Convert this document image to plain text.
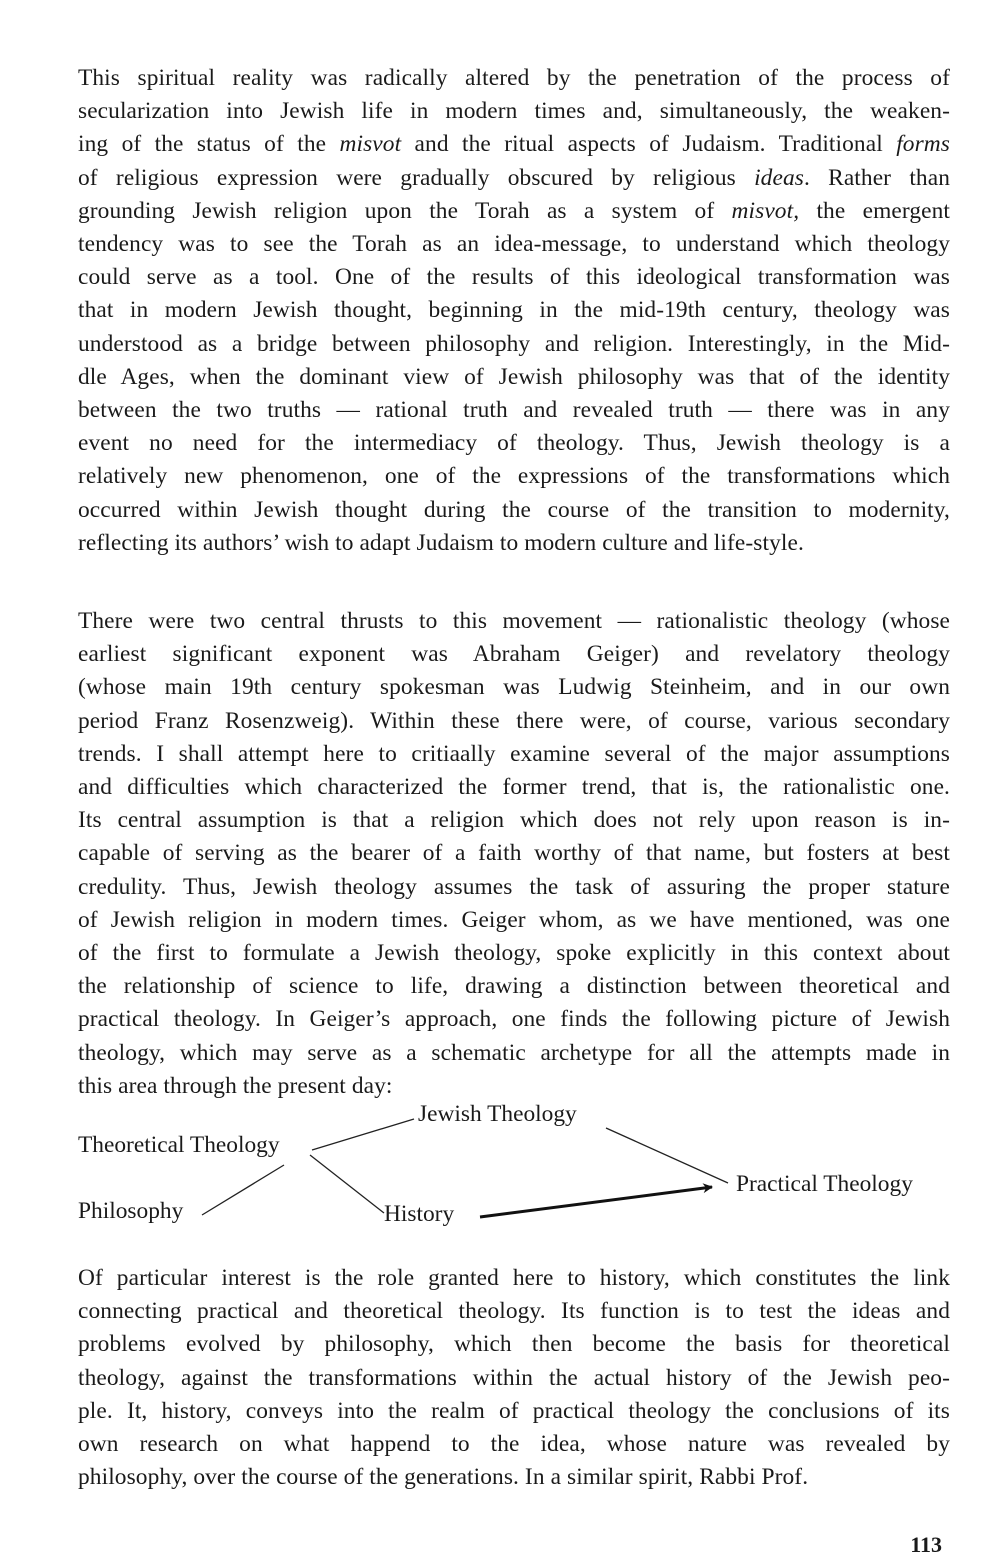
This spiritual reality was radically altered by the penetration of the process of
secularization into Jewish life in modern times and, simultaneously, the weaken-
ing of the status of the misvot and the ritual aspects of Judaism. Traditional forms
of religious expression were gradually obscured by religious ideas. Rather than
grounding Jewish religion upon the Torah as a system of misvot, the emergent
tendency was to see the Torah as an idea-message, to understand which theology
could serve as a tool. One of the results of this ideological transformation was
that in modern Jewish thought, beginning in the mid-19th century, theology was
understood as a bridge between philosophy and religion. Interestingly, in the Mid-
dle Ages, when the dominant view of Jewish philosophy was that of the identity
between the two truths — rational truth and revealed truth — there was in any
event no need for the intermediacy of theology. Thus, Jewish theology is a
relatively new phenomenon, one of the expressions of the transformations which
occurred within Jewish thought during the course of the transition to modernity,
reflecting its authors’ wish to adapt Judaism to modern culture and life-style.
There were two central thrusts to this movement — rationalistic theology (whose
earliest significant exponent was Abraham Geiger) and revelatory theology
(whose main 19th century spokesman was Ludwig Steinheim, and in our own
period Franz Rosenzweig). Within these there were, of course, various secondary
trends. I shall attempt here to critiaally examine several of the major assumptions
and difficulties which characterized the former trend, that is, the rationalistic one.
Its central assumption is that a religion which does not rely upon reason is in-
capable of serving as the bearer of a faith worthy of that name, but fosters at best
credulity. Thus, Jewish theology assumes the task of assuring the proper stature
of Jewish religion in modern times. Geiger whom, as we have mentioned, was one
of the first to formulate a Jewish theology, spoke explicitly in this context about
the relationship of science to life, drawing a distinction between theoretical and
practical theology. In Geiger’s approach, one finds the following picture of Jewish
theology, which may serve as a schematic archetype for all the attempts made in
this area through the present day:
Jewish Theology
Theoretical Theology
Practical Theology
Philosophy	History
Of particular interest is the role granted here to history, which constitutes the link
connecting practical and theoretical theology. Its function is to test the ideas and
problems evolved by philosophy, which then become the basis for theoretical
theology, against the transformations within the actual history of the Jewish peo-
ple. It, history, conveys into the realm of practical theology the conclusions of its
own research on what happend to the idea, whose nature was revealed by
philosophy, over the course of the generations. In a similar spirit, Rabbi Prof.
113
